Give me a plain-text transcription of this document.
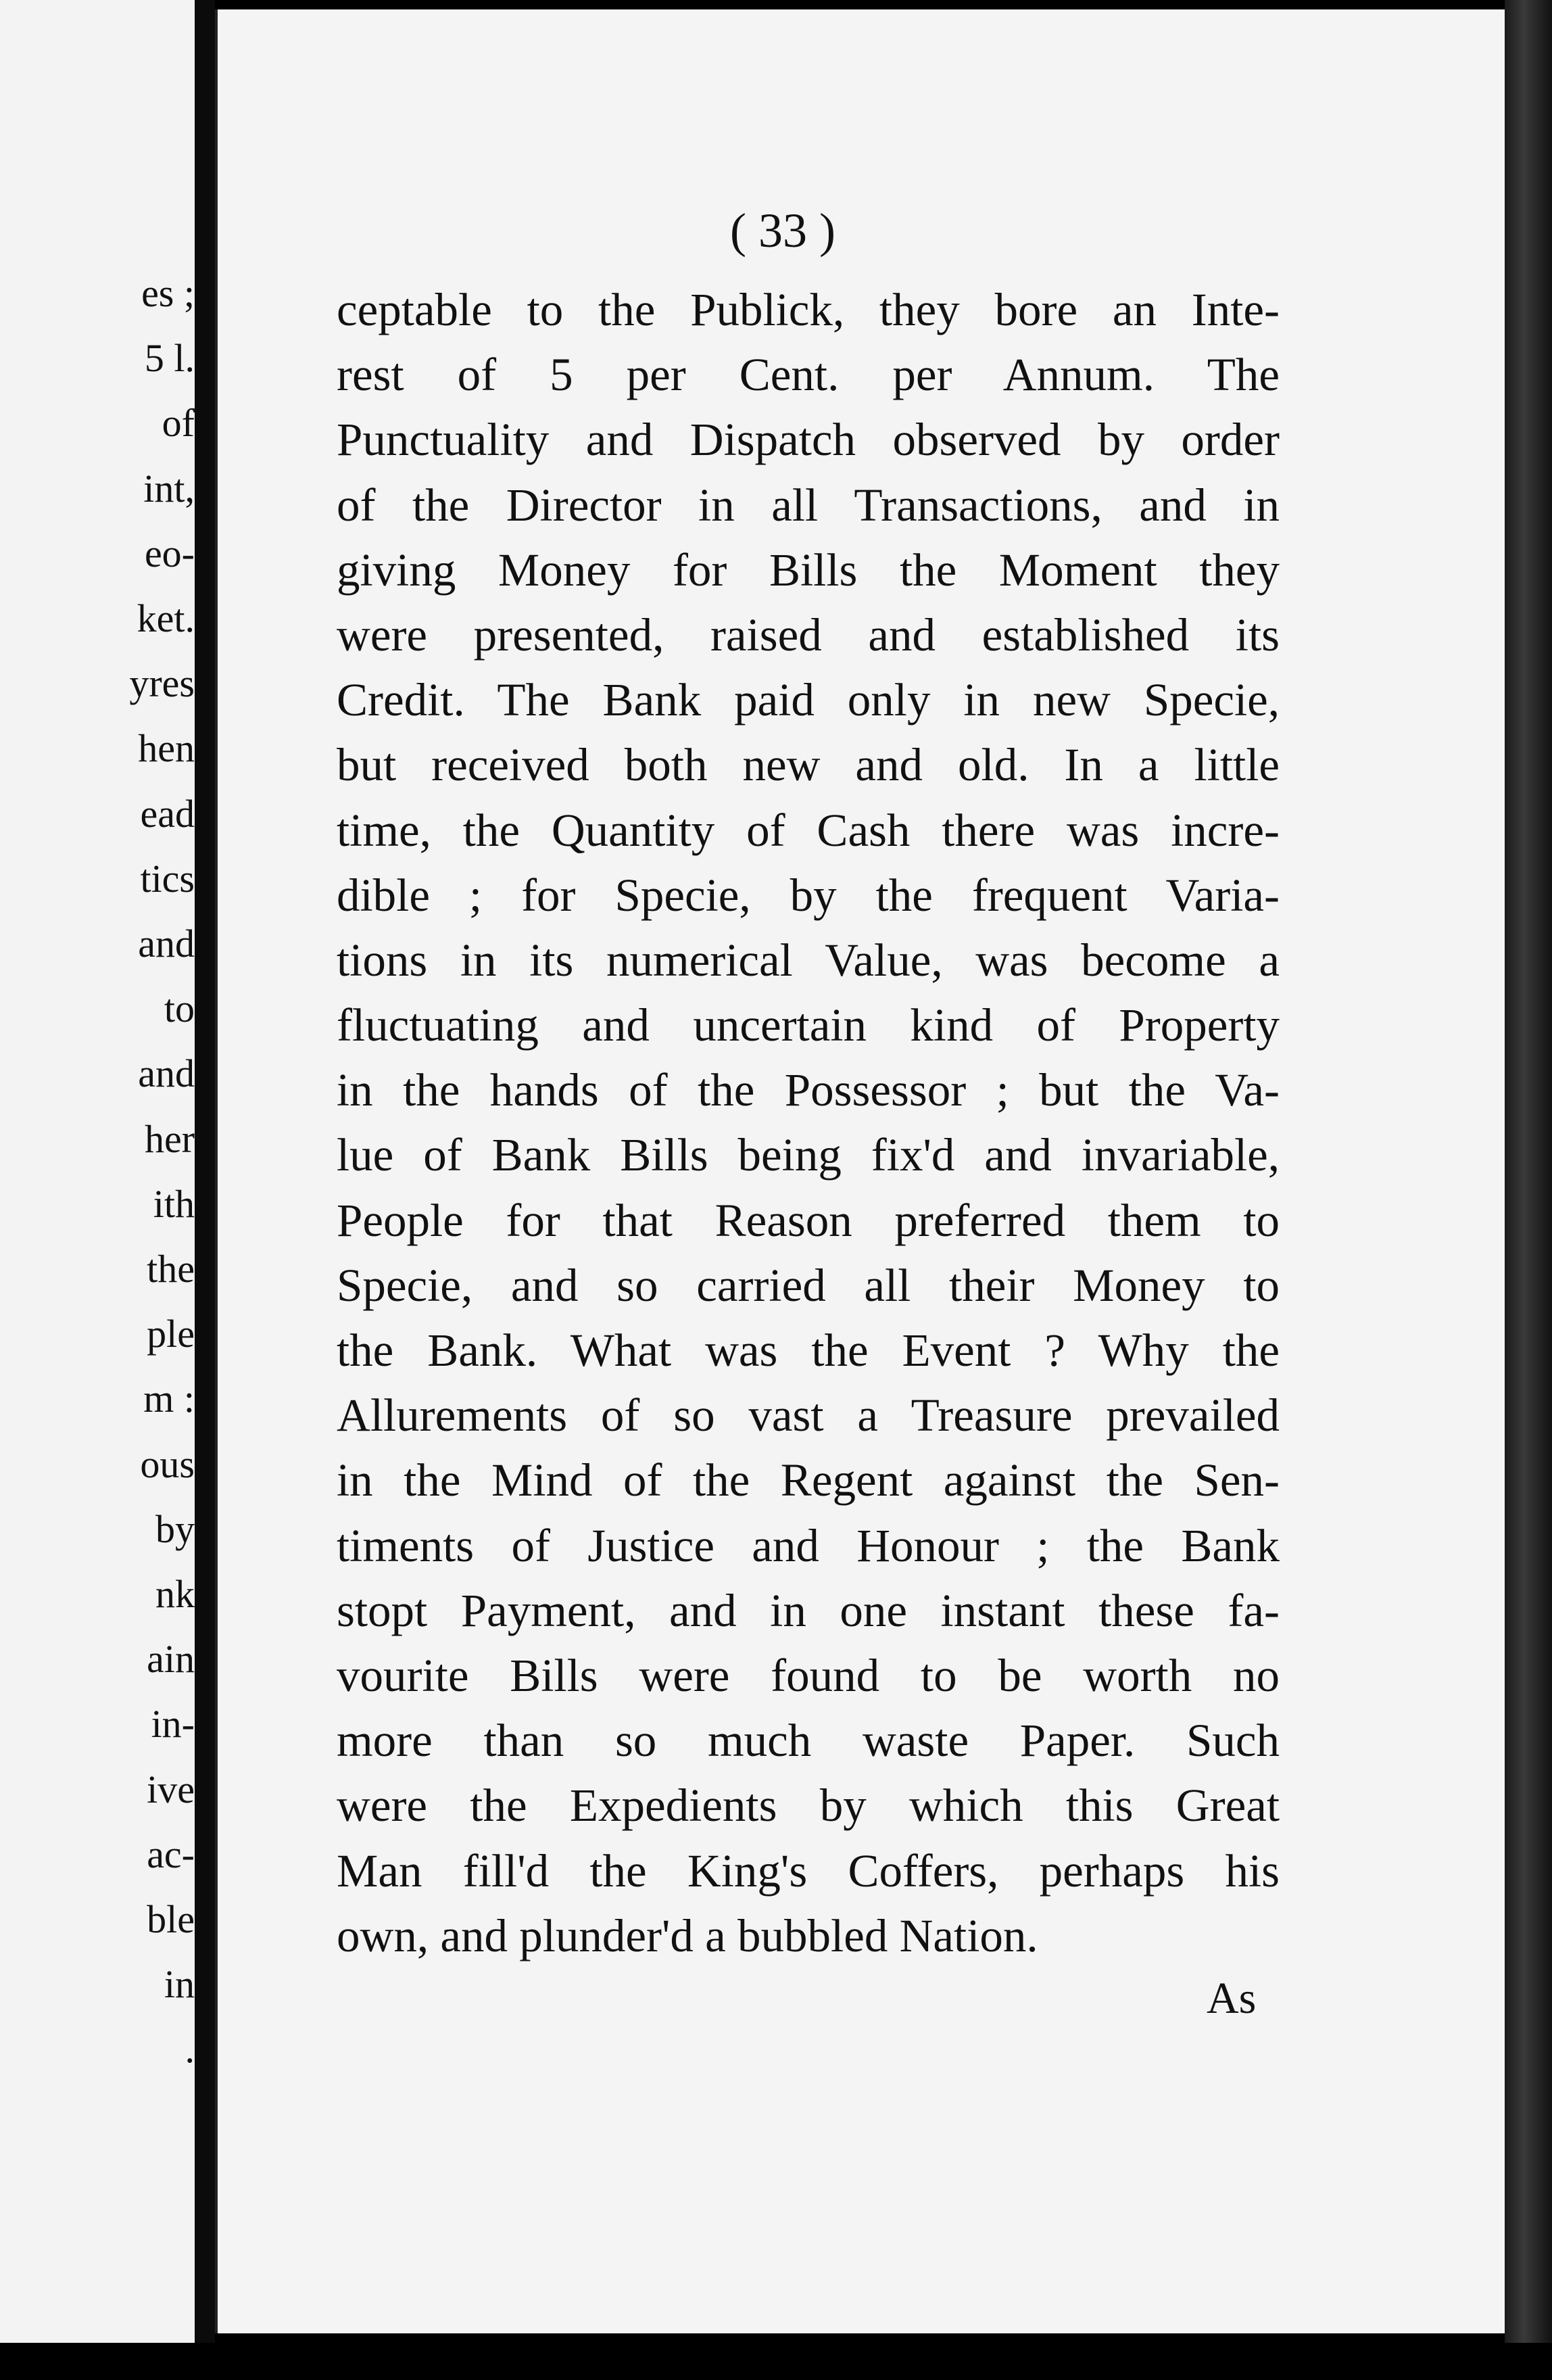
es ;
5 l.
of
int,
eo-
ket.
yres
hen
ead
tics
and
to
and
her
ith
the
ple
m :
ous
by
nk
ain
in-
ive
ac-
ble
in
.
( 33 )
ceptable to the Publick, they bore an Inte-
rest of 5 per Cent. per Annum. The
Punctuality and Dispatch observed by order
of the Director in all Transactions, and in
giving Money for Bills the Moment they
were presented, raised and established its
Credit. The Bank paid only in new Specie,
but received both new and old. In a little
time, the Quantity of Cash there was incre-
dible ; for Specie, by the frequent Varia-
tions in its numerical Value, was become a
fluctuating and uncertain kind of Property
in the hands of the Possessor ; but the Va-
lue of Bank Bills being fix'd and invariable,
People for that Reason preferred them to
Specie, and so carried all their Money to
the Bank. What was the Event ? Why the
Allurements of so vast a Treasure prevailed
in the Mind of the Regent against the Sen-
timents of Justice and Honour ; the Bank
stopt Payment, and in one instant these fa-
vourite Bills were found to be worth no
more than so much waste Paper. Such
were the Expedients by which this Great
Man fill'd the King's Coffers, perhaps his
own, and plunder'd a bubbled Nation.
As
